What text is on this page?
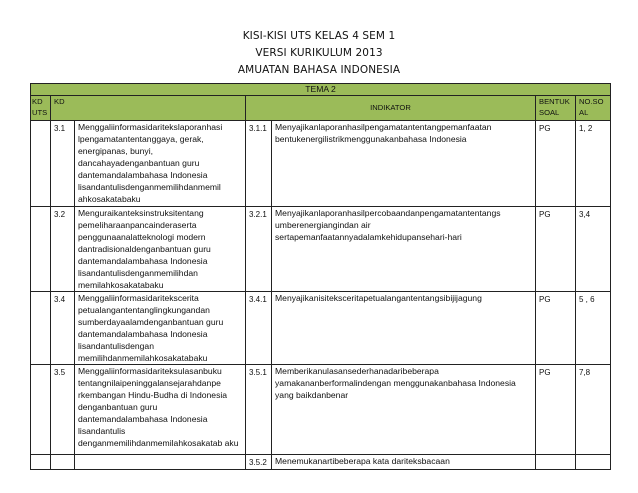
KISI-KISI UTS KELAS 4 SEM 1
VERSI KURIKULUM 2013
AMUATAN BAHASA INDONESIA
TEMA 2						
KD UTS	KD		INDIKATOR		BENTUK SOAL	NO.SO AL
	3.1	Menggaliinformasidaritekslaporanhasi lpengamatantentanggaya, gerak, energipanas, bunyi, dancahayadenganbantuan guru dantemandalambahasa Indonesia lisandantulisdenganmemilihdanmemil ahkosakatabaku	3.1.1	Menyajikanlaporanhasilpengamatantentangpemanfaatan bentukenergilistrikmenggunakanbahasa Indonesia	PG	1, 2
	3.2	Menguraikanteksinstruksitentang pemeliharaanpancainderaserta penggunaanalatteknologi modern dantradisionaldenganbantuan guru dantemandalambahasa Indonesia lisandantulisdenganmemilihdan memilahkosakatabaku	3.2.1	Menyajikanlaporanhasilpercobaandanpengamatantentangs umberenergiangindan air sertapemanfaatannyadalamkehidupansehari-hari	PG	3,4
	3.4	Menggaliinformasidariteksceritа petualangantentanglingkungandan sumberdayaalamdenganbantuan guru dantemandalambahasa Indonesia lisandantulisdengan memilihdanmemilahkosakatabaku	3.4.1	Menyajikanisiteksceritapetualangantentangsibijijagung	PG	5 , 6
	3.5	Menggaliinformasidariteksulasanbuku tentangnilaipeninggalansejarahdanpe rkembangan Hindu-Budha di Indonesia denganbantuan guru dantemandalambahasa Indonesia lisandantulis denganmemilihdanmemilahkosakatab aku	3.5.1	Memberikanulasansederhanadaribeberapa yamakananberformalindengan menggunakanbahasa Indonesia yang baikdanbenar	PG	7,8
			3.5.2	Menemukanartibeberapa kata dariteksbacaan		
